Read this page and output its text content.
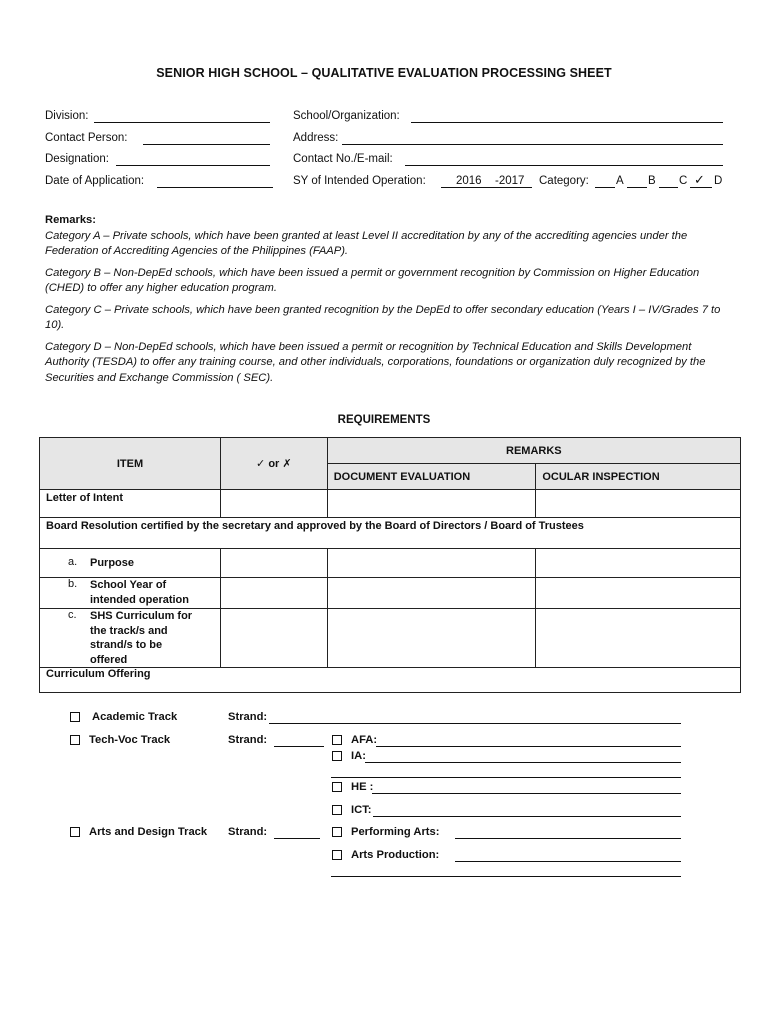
SENIOR HIGH SCHOOL – QUALITATIVE EVALUATION PROCESSING SHEET
Division:	School/Organization:
Contact Person:	Address:
Designation:	Contact No./E-mail:
Date of Application:	SY of Intended Operation:	2016 -2017 Category: A B C ✓ D

Remarks:

Category A – Private schools, which have been granted at least Level II accreditation by any of the accrediting agencies under the Federation of Accrediting Agencies of the Philippines (FAAP).

Category B – Non-DepEd schools, which have been issued a permit or government recognition by Commission on Higher Education (CHED) to offer any higher education program.

Category C – Private schools, which have been granted recognition by the DepEd to offer secondary education (Years I – IV/Grades 7 to 10).

Category D – Non-DepEd schools, which have been issued a permit or recognition by Technical Education and Skills Development Authority (TESDA) to offer any training course, and other individuals, corporations, foundations or organization duly recognized by the Securities and Exchange Commission ( SEC).

REQUIREMENTS
ITEM	✓ or ✗	REMARKS	
		DOCUMENT EVALUATION	OCULAR INSPECTION
Letter of Intent			
Board Resolution certified by the secretary and approved by the Board of Directors / Board of Trustees			

a. Purpose			

b. School Year of intended operation			

c. SHS Curriculum for the track/s and strand/s to be offered			

Curriculum Offering			
Academic Track	Strand:
Tech-Voc Track	Strand:	AFA:
IA:
HE :
ICT:
Arts and Design Track Strand:	Performing Arts:
Arts Production:
